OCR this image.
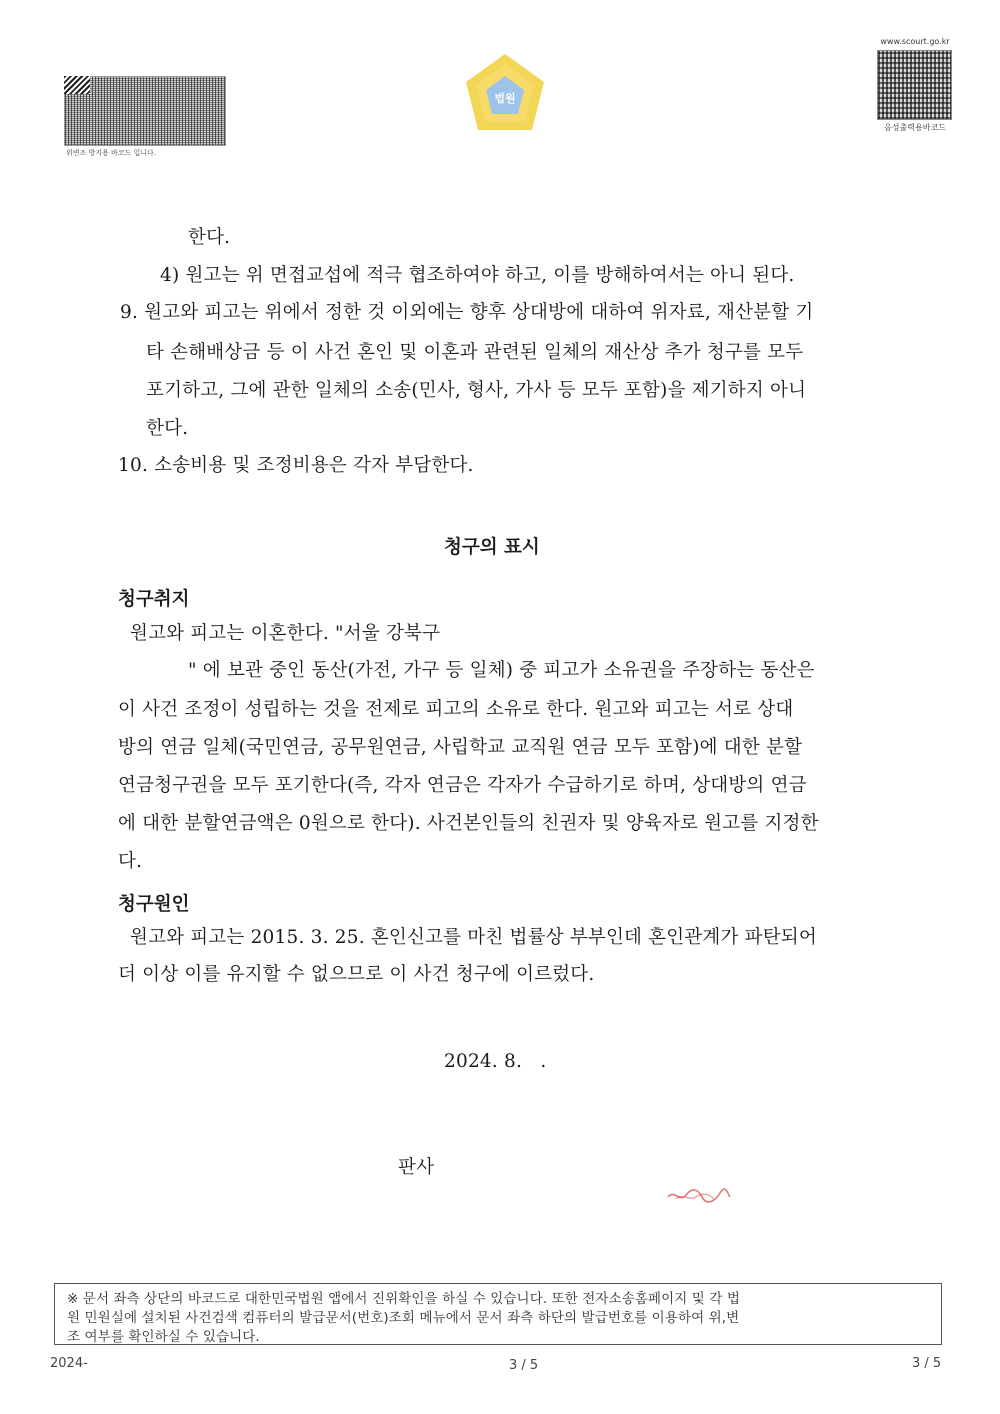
위변조 방지용 바코드 입니다.
www.scourt.go.kr
음성출력용바코드
법원
한다.
4) 원고는 위 면접교섭에 적극 협조하여야 하고, 이를 방해하여서는 아니 된다.
9. 원고와 피고는 위에서 정한 것 이외에는 향후 상대방에 대하여 위자료, 재산분할 기
타 손해배상금 등 이 사건 혼인 및 이혼과 관련된 일체의 재산상 추가 청구를 모두
포기하고, 그에 관한 일체의 소송(민사, 형사, 가사 등 모두 포함)을 제기하지 아니
한다.
10. 소송비용 및 조정비용은 각자 부담한다.
청구의 표시
청구취지
원고와 피고는 이혼한다. "서울 강북구
" 에 보관 중인 동산(가전, 가구 등 일체) 중 피고가 소유권을 주장하는 동산은
이 사건 조정이 성립하는 것을 전제로 피고의 소유로 한다. 원고와 피고는 서로 상대
방의 연금 일체(국민연금, 공무원연금, 사립학교 교직원 연금 모두 포함)에 대한 분할
연금청구권을 모두 포기한다(즉, 각자 연금은 각자가 수급하기로 하며, 상대방의 연금
에 대한 분할연금액은 0원으로 한다). 사건본인들의 친권자 및 양육자로 원고를 지정한
다.
청구원인
원고와 피고는 2015. 3. 25. 혼인신고를 마친 법률상 부부인데 혼인관계가 파탄되어
더 이상 이를 유지할 수 없으므로 이 사건 청구에 이르렀다.
2024. 8.   .
판사
※ 문서 좌측 상단의 바코드로 대한민국법원 앱에서 진위확인을 하실 수 있습니다. 또한 전자소송홈페이지 및 각 법
원 민원실에 설치된 사건검색 컴퓨터의 발급문서(번호)조회 메뉴에서 문서 좌측 하단의 발급번호를 이용하여 위,변
조 여부를 확인하실 수 있습니다.
2024-	3 / 5	3 / 5
